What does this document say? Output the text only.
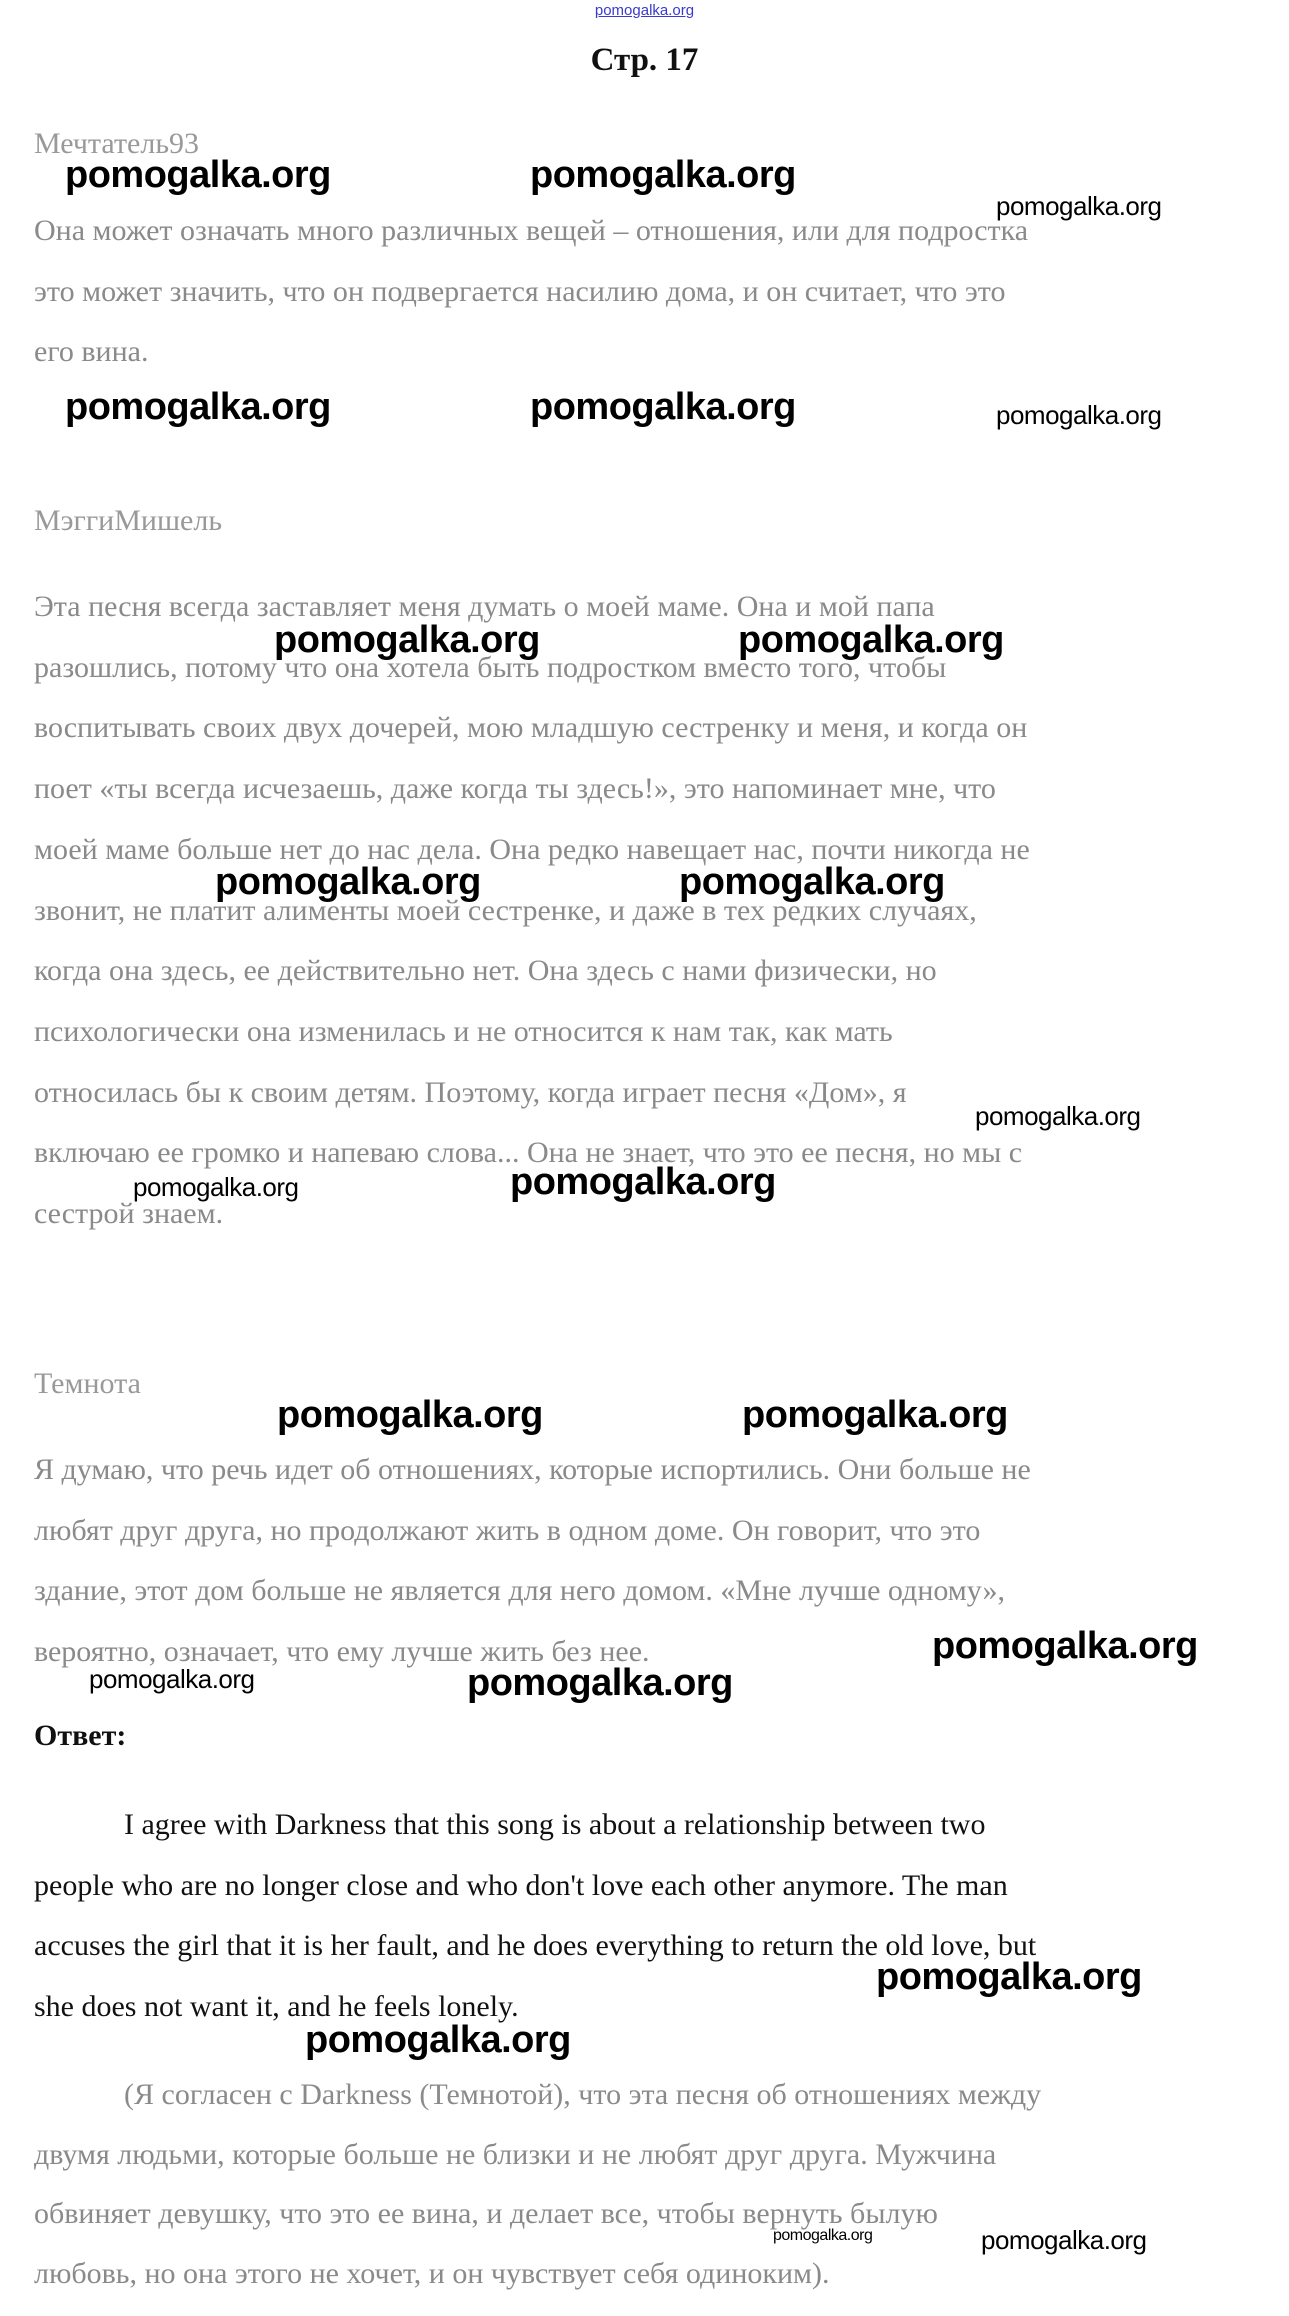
pomogalka.org
Стр. 17
Мечтатель93
Она может означать много различных вещей – отношения, или для подростка
это может значить, что он подвергается насилию дома, и он считает, что это
его вина.
МэггиМишель
Эта песня всегда заставляет меня думать о моей маме. Она и мой папа
разошлись, потому что она хотела быть подростком вместо того, чтобы
воспитывать своих двух дочерей, мою младшую сестренку и меня, и когда он
поет «ты всегда исчезаешь, даже когда ты здесь!», это напоминает мне, что
моей маме больше нет до нас дела. Она редко навещает нас, почти никогда не
звонит, не платит алименты моей сестренке, и даже в тех редких случаях,
когда она здесь, ее действительно нет. Она здесь с нами физически, но
психологически она изменилась и не относится к нам так, как мать
относилась бы к своим детям. Поэтому, когда играет песня «Дом», я
включаю ее громко и напеваю слова... Она не знает, что это ее песня, но мы с
сестрой знаем.
Темнота
Я думаю, что речь идет об отношениях, которые испортились. Они больше не
любят друг друга, но продолжают жить в одном доме. Он говорит, что это
здание, этот дом больше не является для него домом. «Мне лучше одному»,
вероятно, означает, что ему лучше жить без нее.
Ответ:
I agree with Darkness that this song is about a relationship between two
people who are no longer close and who don't love each other anymore. The man
accuses the girl that it is her fault, and he does everything to return the old love, but
she does not want it, and he feels lonely.
(Я согласен с Darkness (Темнотой), что эта песня об отношениях между
двумя людьми, которые больше не близки и не любят друг друга. Мужчина
обвиняет девушку, что это ее вина, и делает все, чтобы вернуть былую
любовь, но она этого не хочет, и он чувствует себя одиноким).
pomogalka.org	pomogalka.org
pomogalka.org
pomogalka.org	pomogalka.org	pomogalka.org
pomogalka.org	pomogalka.org
pomogalka.org	pomogalka.org
pomogalka.org
pomogalka.org	pomogalka.org
pomogalka.org	pomogalka.org
pomogalka.org
pomogalka.org	pomogalka.org
pomogalka.org
pomogalka.org
pomogalka.org	pomogalka.org
